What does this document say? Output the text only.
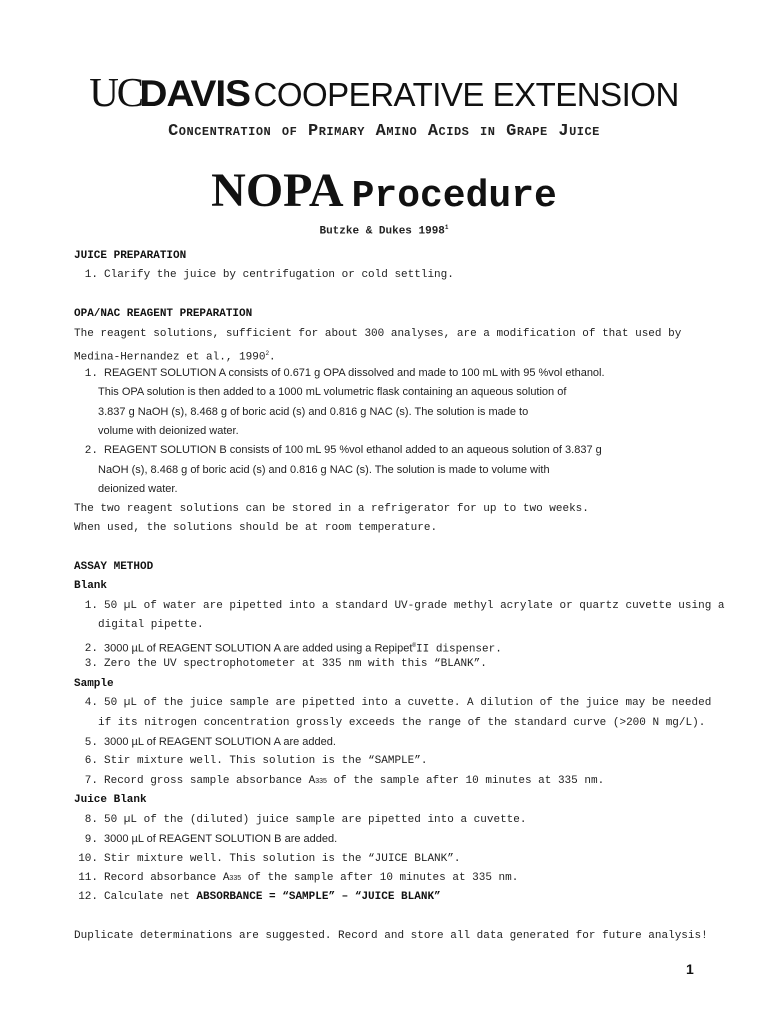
UCDAVIS COOPERATIVE EXTENSION
Concentration of Primary Amino Acids in Grape Juice
NOPA Procedure
Butzke & Dukes 1998$^1$
JUICE PREPARATION
1. Clarify the juice by centrifugation or cold settling.
OPA/NAC REAGENT PREPARATION
The reagent solutions, sufficient for about 300 analyses, are a modification of that used by
Medina-Hernandez et al., 1990$^2$.
1. REAGENT SOLUTION A consists of 0.671 g OPA dissolved and made to 100 mL with 95 %vol ethanol.
This OPA solution is then added to a 1000 mL volumetric flask containing an aqueous solution of
3.837 g NaOH (s), 8.468 g of boric acid (s) and 0.816 g NAC (s). The solution is made to
volume with deionized water.
2. REAGENT SOLUTION B consists of 100 mL 95 %vol ethanol added to an aqueous solution of 3.837 g
NaOH (s), 8.468 g of boric acid (s) and 0.816 g NAC (s). The solution is made to volume with
deionized water.
The two reagent solutions can be stored in a refrigerator for up to two weeks.
When used, the solutions should be at room temperature.
ASSAY METHOD
Blank
1. 50 µL of water are pipetted into a standard UV-grade methyl acrylate or quartz cuvette using a
digital pipette.
2. 3000 µL of REAGENT SOLUTION A are added using a Repipet®II dispenser.
3. Zero the UV spectrophotometer at 335 nm with this “BLANK”.
Sample
4. 50 µL of the juice sample are pipetted into a cuvette. A dilution of the juice may be needed
if its nitrogen concentration grossly exceeds the range of the standard curve (>200 N mg/L).
5. 3000 µL of REAGENT SOLUTION A are added.
6. Stir mixture well. This solution is the “SAMPLE”.
7. Record gross sample absorbance A335 of the sample after 10 minutes at 335 nm.
Juice Blank
8. 50 µL of the (diluted) juice sample are pipetted into a cuvette.
9. 3000 µL of REAGENT SOLUTION B are added.
10. Stir mixture well. This solution is the “JUICE BLANK”.
11. Record absorbance A335 of the sample after 10 minutes at 335 nm.
12. Calculate net ABSORBANCE = “SAMPLE” – “JUICE BLANK”
Duplicate determinations are suggested. Record and store all data generated for future analysis!
1
